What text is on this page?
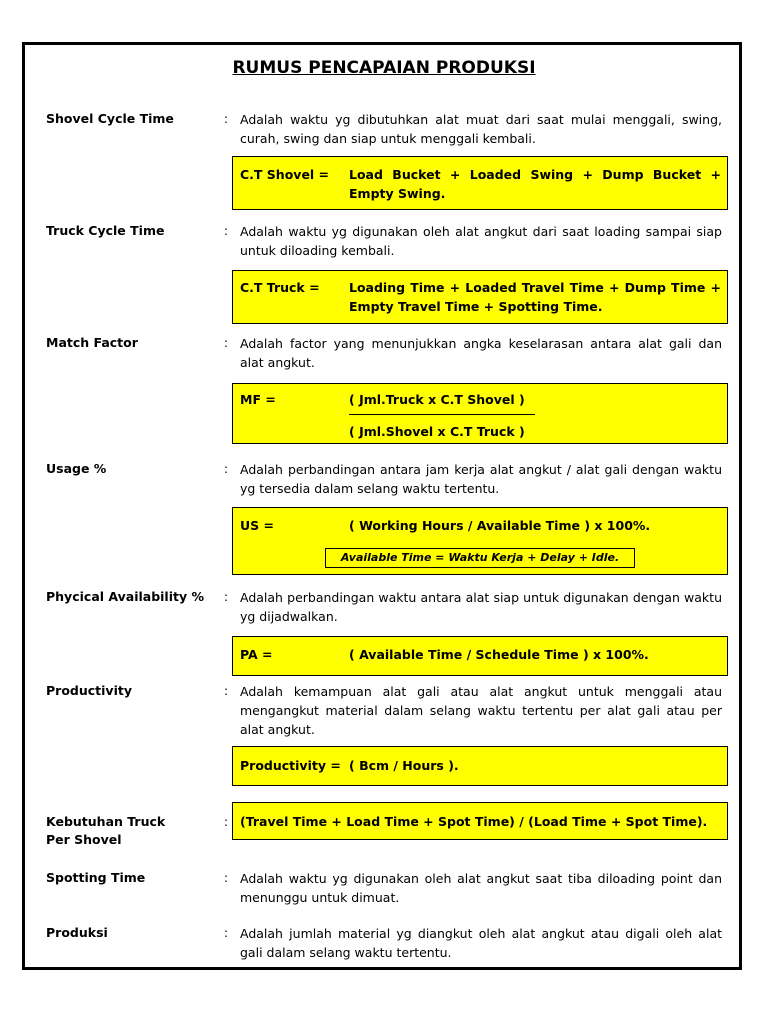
RUMUS PENCAPAIAN PRODUKSI
Shovel Cycle Time	: Adalah waktu yg dibutuhkan alat muat dari saat mulai menggali, swing, curah, swing dan siap untuk menggali kembali.
C.T Shovel = Load Bucket + Loaded Swing + Dump Bucket + Empty Swing.
Truck Cycle Time	: Adalah waktu yg digunakan oleh alat angkut dari saat loading sampai siap untuk diloading kembali.
C.T Truck = Loading Time + Loaded Travel Time + Dump Time + Empty Travel Time + Spotting Time.
Match Factor	: Adalah factor yang menunjukkan angka keselarasan antara alat gali dan alat angkut.
MF =	( Jml.Truck x C.T Shovel )
( Jml.Shovel x C.T Truck )
Usage %	: Adalah perbandingan antara jam kerja alat angkut / alat gali dengan waktu yg tersedia dalam selang waktu tertentu.
US =	( Working Hours / Available Time ) x 100%.
Available Time = Waktu Kerja + Delay + Idle.
Phycical Availability % : Adalah perbandingan waktu antara alat siap untuk digunakan dengan waktu yg dijadwalkan.
PA =	( Available Time / Schedule Time ) x 100%.
Productivity	: Adalah kemampuan alat gali atau alat angkut untuk menggali atau mengangkut material dalam selang waktu tertentu per alat gali atau per alat angkut.
Productivity = ( Bcm / Hours ).
Kebutuhan Truck
Per Shovel
: (Travel Time + Load Time + Spot Time) / (Load Time + Spot Time).
Spotting Time	: Adalah waktu yg digunakan oleh alat angkut saat tiba diloading point dan menunggu untuk dimuat.
Produksi	: Adalah jumlah material yg diangkut oleh alat angkut atau digali oleh alat gali dalam selang waktu tertentu.
